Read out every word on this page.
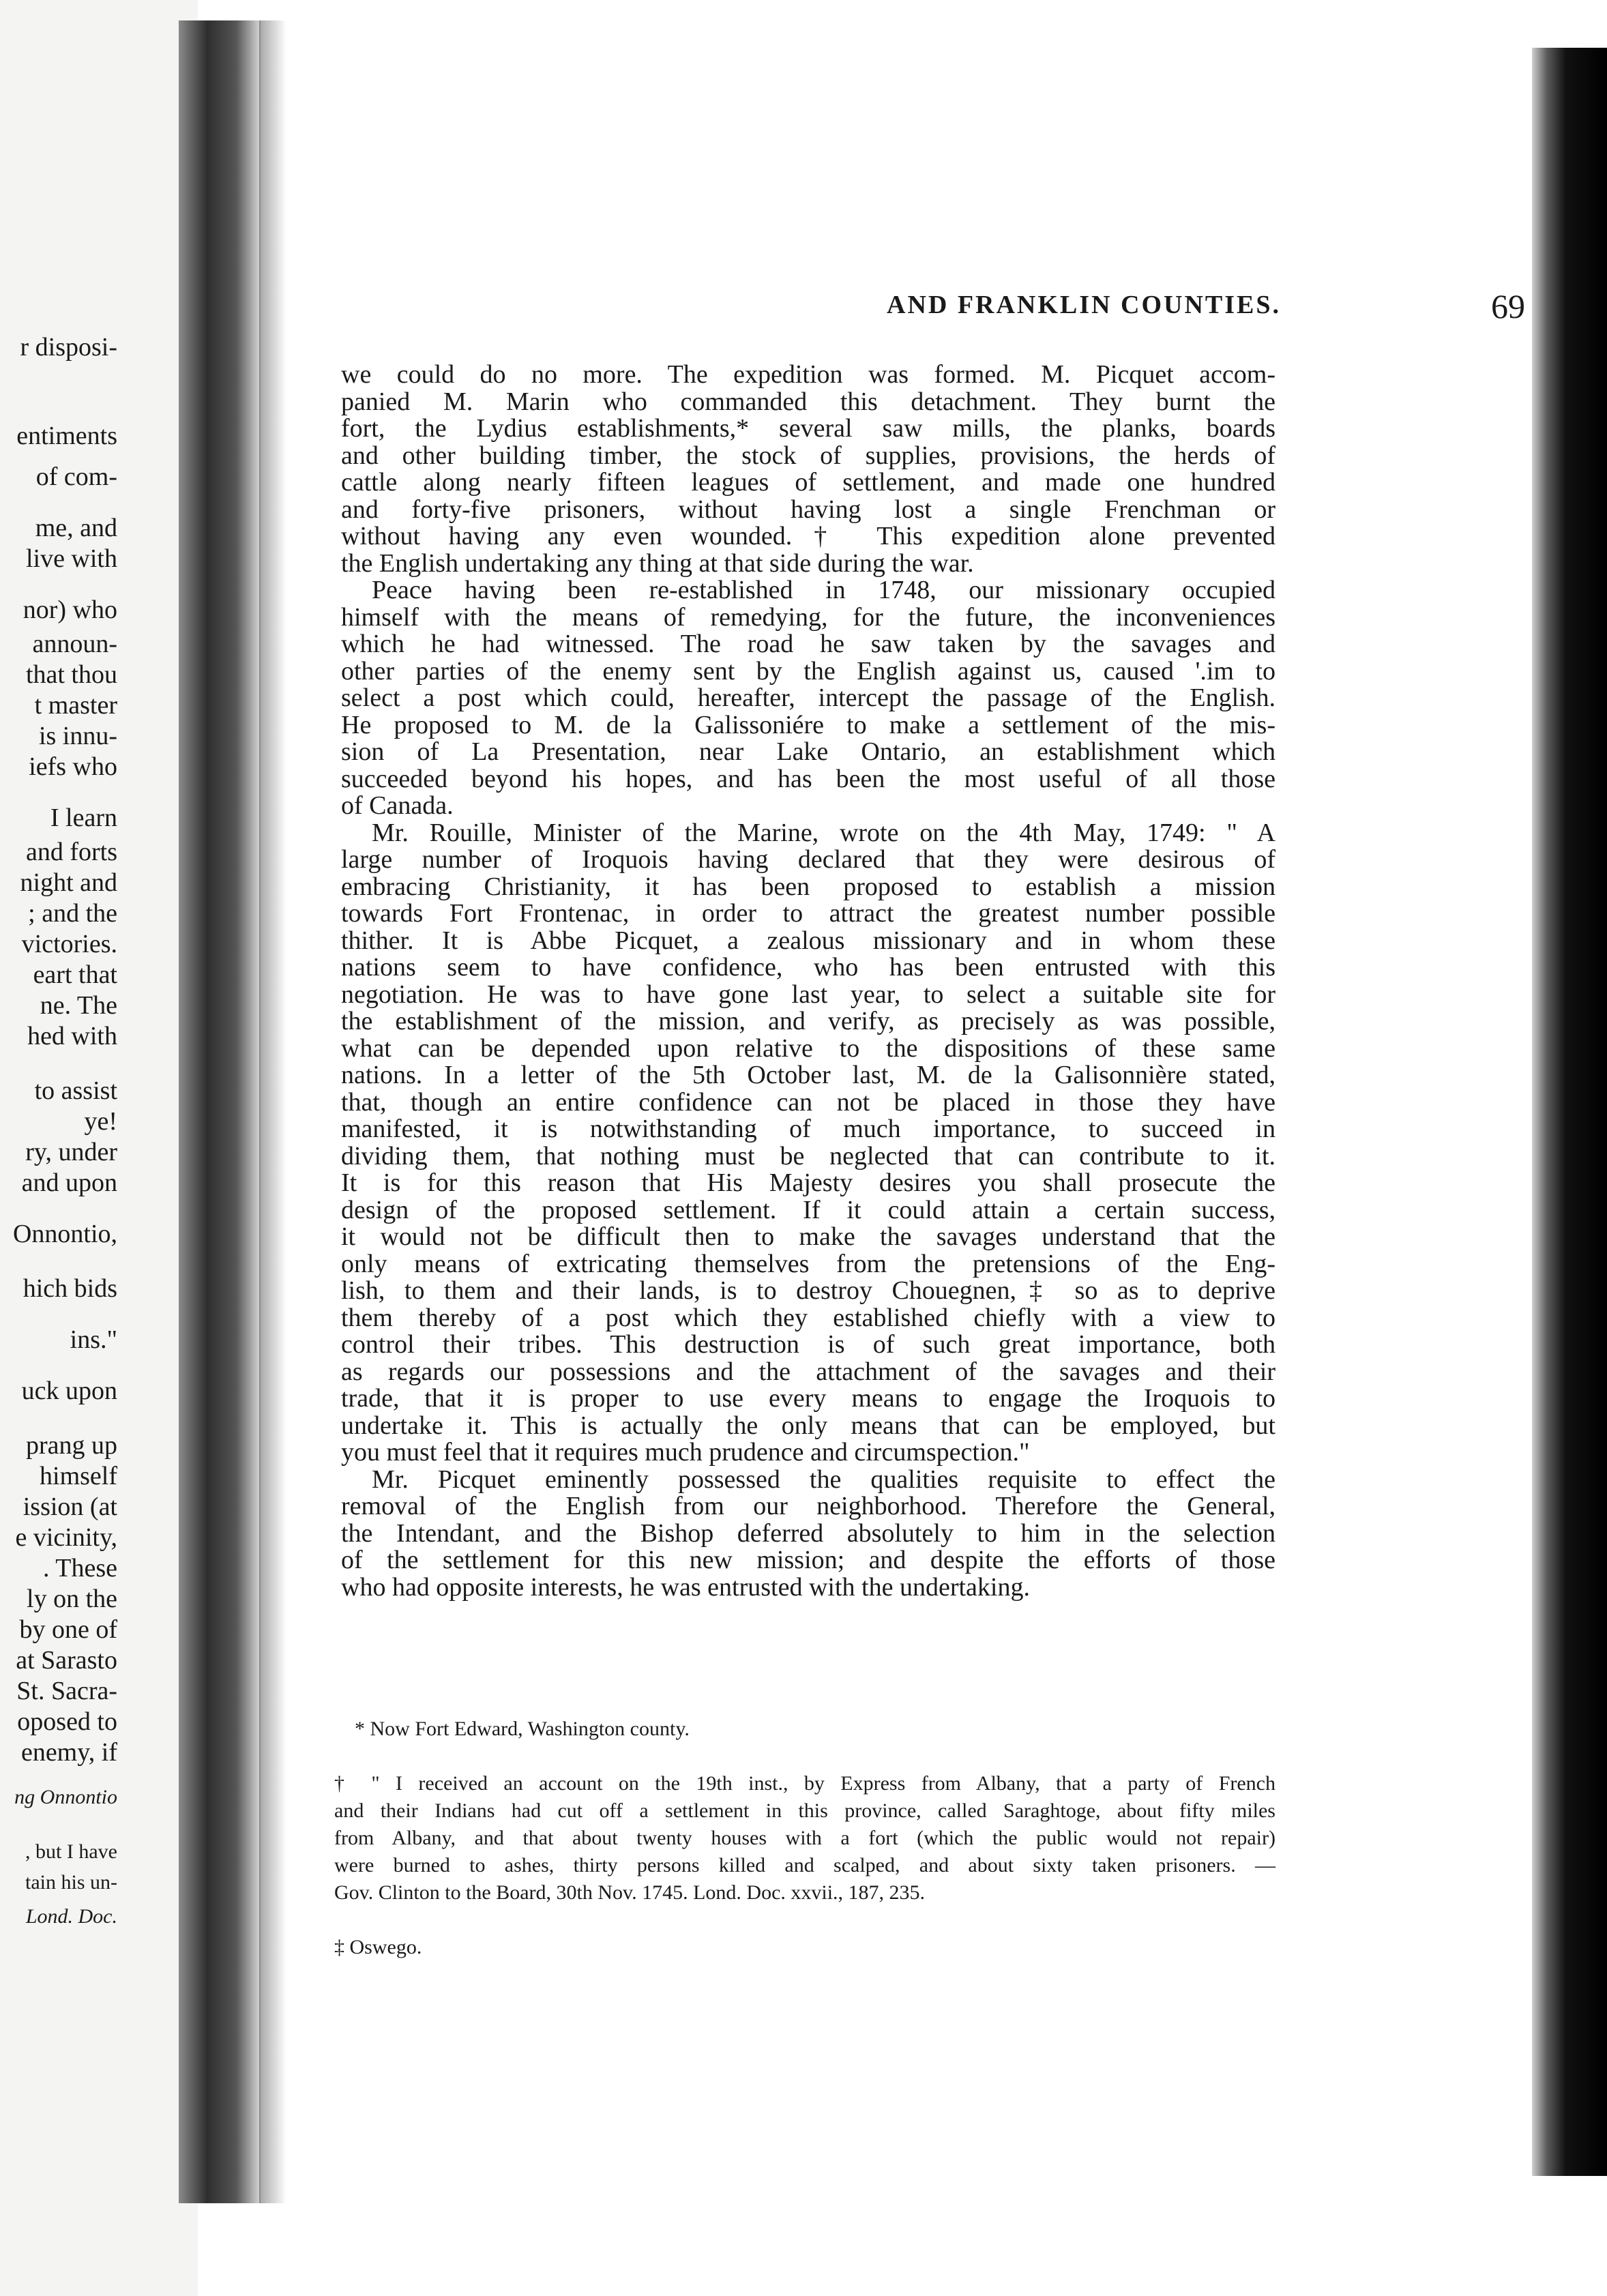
r disposi-
entiments
of com-
me, and
live with
nor) who
announ-
that thou
t master
is innu-
iefs who
I learn
and forts
night and
; and the
victories.
eart that
ne. The
hed with
to assist
ye!
ry, under
and upon
Onnontio,
hich bids
ins."
uck upon
prang up
himself
ission (at
e vicinity,
. These
ly on the
by one of
at Sarasto
St. Sacra-
oposed to
enemy, if
ng Onnontio
, but I have
tain his un-
Lond. Doc.
AND FRANKLIN COUNTIES.	69
we could do no more. The expedition was formed. M. Picquet accom-
panied M. Marin who commanded this detachment. They burnt the
fort, the Lydius establishments,* several saw mills, the planks, boards
and other building timber, the stock of supplies, provisions, the herds of
cattle along nearly fifteen leagues of settlement, and made one hundred
and forty-five prisoners, without having lost a single Frenchman or
without having any even wounded.† This expedition alone prevented
the English undertaking any thing at that side during the war.
Peace having been re-established in 1748, our missionary occupied
himself with the means of remedying, for the future, the inconveniences
which he had witnessed. The road he saw taken by the savages and
other parties of the enemy sent by the English against us, caused '.im to
select a post which could, hereafter, intercept the passage of the English.
He proposed to M. de la Galissoniére to make a settlement of the mis-
sion of La Presentation, near Lake Ontario, an establishment which
succeeded beyond his hopes, and has been the most useful of all those
of Canada.
Mr. Rouille, Minister of the Marine, wrote on the 4th May, 1749: " A
large number of Iroquois having declared that they were desirous of
embracing Christianity, it has been proposed to establish a mission
towards Fort Frontenac, in order to attract the greatest number possible
thither. It is Abbe Picquet, a zealous missionary and in whom these
nations seem to have confidence, who has been entrusted with this
negotiation. He was to have gone last year, to select a suitable site for
the establishment of the mission, and verify, as precisely as was possible,
what can be depended upon relative to the dispositions of these same
nations. In a letter of the 5th October last, M. de la Galisonnière stated,
that, though an entire confidence can not be placed in those they have
manifested, it is notwithstanding of much importance, to succeed in
dividing them, that nothing must be neglected that can contribute to it.
It is for this reason that His Majesty desires you shall prosecute the
design of the proposed settlement. If it could attain a certain success,
it would not be difficult then to make the savages understand that the
only means of extricating themselves from the pretensions of the Eng-
lish, to them and their lands, is to destroy Chouegnen,‡ so as to deprive
them thereby of a post which they established chiefly with a view to
control their tribes. This destruction is of such great importance, both
as regards our possessions and the attachment of the savages and their
trade, that it is proper to use every means to engage the Iroquois to
undertake it. This is actually the only means that can be employed, but
you must feel that it requires much prudence and circumspection."
Mr. Picquet eminently possessed the qualities requisite to effect the
removal of the English from our neighborhood. Therefore the General,
the Intendant, and the Bishop deferred absolutely to him in the selection
of the settlement for this new mission; and despite the efforts of those
who had opposite interests, he was entrusted with the undertaking.
* Now Fort Edward, Washington county.
† " I received an account on the 19th inst., by Express from Albany, that a party of French
and their Indians had cut off a settlement in this province, called Saraghtoge, about fifty miles
from Albany, and that about twenty houses with a fort (which the public would not repair)
were burned to ashes, thirty persons killed and scalped, and about sixty taken prisoners. —
Gov. Clinton to the Board, 30th Nov. 1745. Lond. Doc. xxvii., 187, 235.
‡ Oswego.
